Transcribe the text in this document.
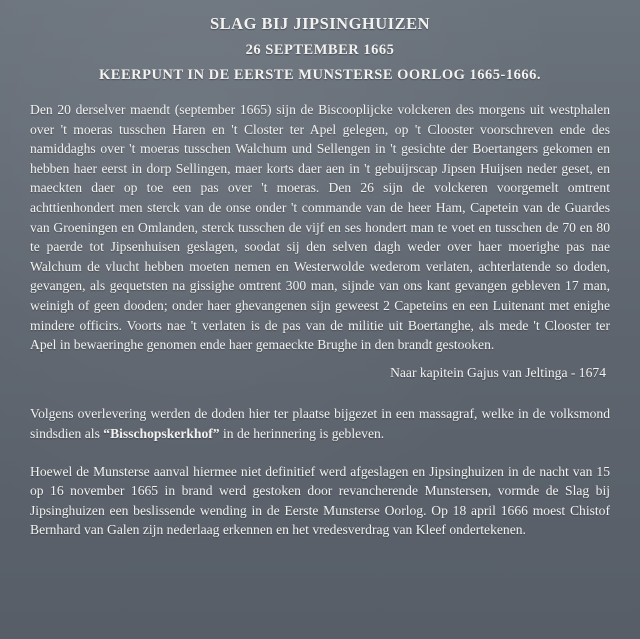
SLAG BIJ JIPSINGHUIZEN
26 SEPTEMBER 1665
KEERPUNT IN DE EERSTE MUNSTERSE OORLOG 1665-1666.

Den 20 derselver maendt (september 1665) sijn de Biscooplijcke volckeren des morgens uit westphalen over 't moeras tusschen Haren en 't Closter ter Apel gelegen, op 't Clooster voorschreven ende des namiddaghs over 't moeras tusschen Walchum und Sellengen in 't gesichte der Boertangers gekomen en hebben haer eerst in dorp Sellingen, maer korts daer aen in 't gebuijrscap Jipsen Huijsen neder geset, en maeckten daer op toe een pas over 't moeras. Den 26 sijn de volckeren voorgemelt omtrent achttienhondert men sterck van de onse onder 't commande van de heer Ham, Capetein van de Guardes van Groeningen en Omlanden, sterck tusschen de vijf en ses hondert man te voet en tusschen de 70 en 80 te paerde tot Jipsenhuisen geslagen, soodat sij den selven dagh weder over haer moerighe pas nae Walchum de vlucht hebben moeten nemen en Westerwolde wederom verlaten, achterlatende so doden, gevangen, als gequetsten na gissighe omtrent 300 man, sijnde van ons kant gevangen gebleven 17 man, weinigh of geen dooden; onder haer ghevangenen sijn geweest 2 Capeteins en een Luitenant met enighe mindere officirs. Voorts nae 't verlaten is de pas van de militie uit Boertanghe, als mede 't Clooster ter Apel in bewaeringhe genomen ende haer gemaeckte Brughe in den brandt gestooken.

Naar kapitein Gajus van Jeltinga - 1674

Volgens overlevering werden de doden hier ter plaatse bijgezet in een massagraf, welke in de volksmond sindsdien als “Bisschopskerkhof” in de herinnering is gebleven.

Hoewel de Munsterse aanval hiermee niet definitief werd afgeslagen en Jipsinghuizen in de nacht van 15 op 16 november 1665 in brand werd gestoken door revancherende Munstersen, vormde de Slag bij Jipsinghuizen een beslissende wending in de Eerste Munsterse Oorlog. Op 18 april 1666 moest Chistof Bernhard van Galen zijn nederlaag erkennen en het vredesverdrag van Kleef ondertekenen.
